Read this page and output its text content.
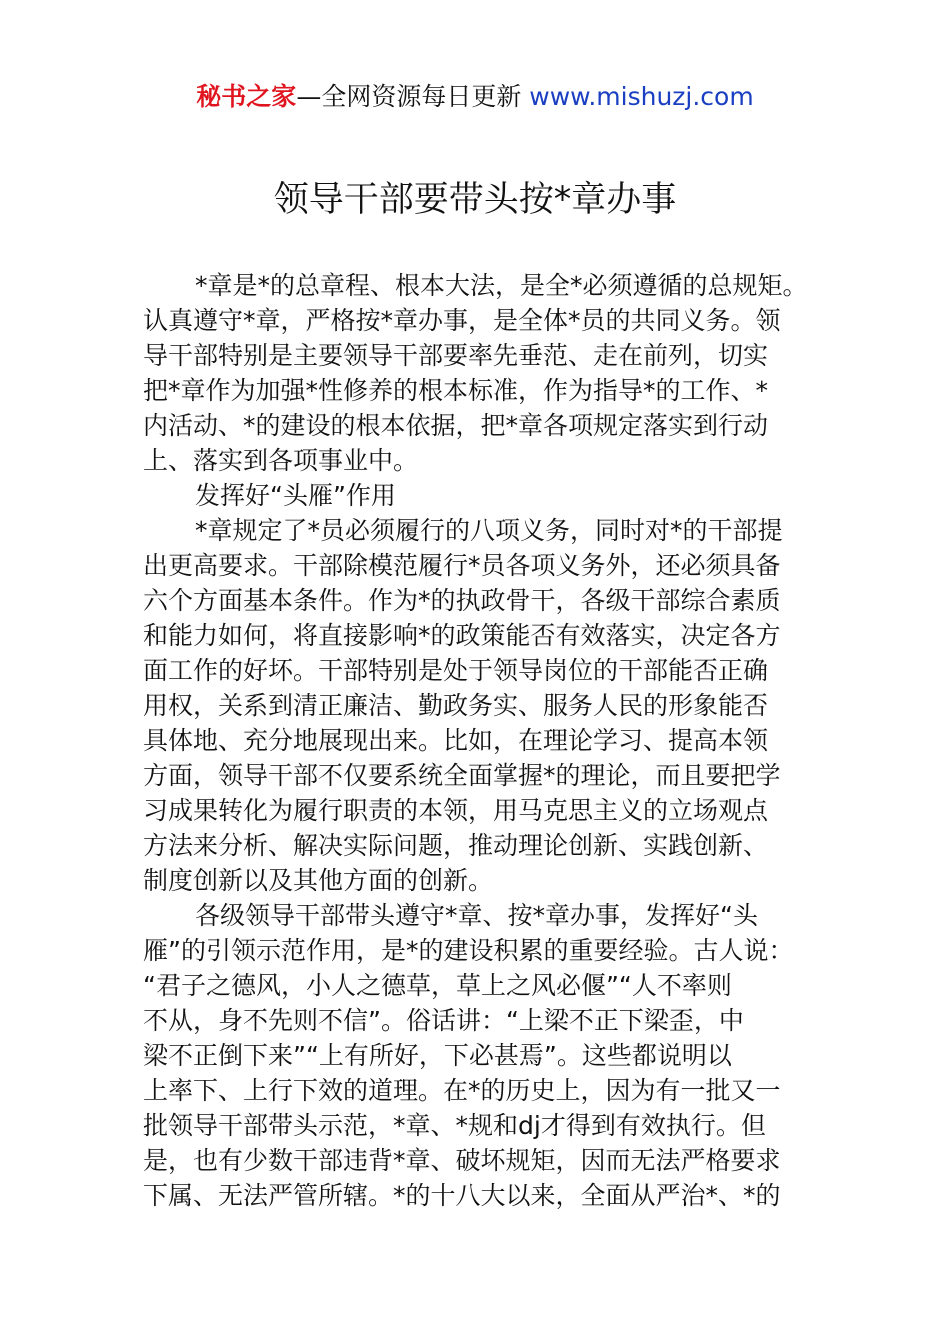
秘书之家—全网资源每日更新 www.mishuzj.com
领导干部要带头按*章办事
*章是*的总章程、根本大法，是全*必须遵循的总规矩。
认真遵守*章，严格按*章办事，是全体*员的共同义务。领
导干部特别是主要领导干部要率先垂范、走在前列，切实
把*章作为加强*性修养的根本标准，作为指导*的工作、*
内活动、*的建设的根本依据，把*章各项规定落实到行动
上、落实到各项事业中。
发挥好“头雁”作用
*章规定了*员必须履行的八项义务，同时对*的干部提
出更高要求。干部除模范履行*员各项义务外，还必须具备
六个方面基本条件。作为*的执政骨干，各级干部综合素质
和能力如何，将直接影响*的政策能否有效落实，决定各方
面工作的好坏。干部特别是处于领导岗位的干部能否正确
用权，关系到清正廉洁、勤政务实、服务人民的形象能否
具体地、充分地展现出来。比如，在理论学习、提高本领
方面，领导干部不仅要系统全面掌握*的理论，而且要把学
习成果转化为履行职责的本领，用马克思主义的立场观点
方法来分析、解决实际问题，推动理论创新、实践创新、
制度创新以及其他方面的创新。
各级领导干部带头遵守*章、按*章办事，发挥好“头
雁”的引领示范作用，是*的建设积累的重要经验。古人说：
“君子之德风，小人之德草，草上之风必偃”“人不率则
不从，身不先则不信”。俗话讲：“上梁不正下梁歪，中
梁不正倒下来”“上有所好，下必甚焉”。这些都说明以
上率下、上行下效的道理。在*的历史上，因为有一批又一
批领导干部带头示范，*章、*规和dj才得到有效执行。但
是，也有少数干部违背*章、破坏规矩，因而无法严格要求
下属、无法严管所辖。*的十八大以来，全面从严治*、*的
